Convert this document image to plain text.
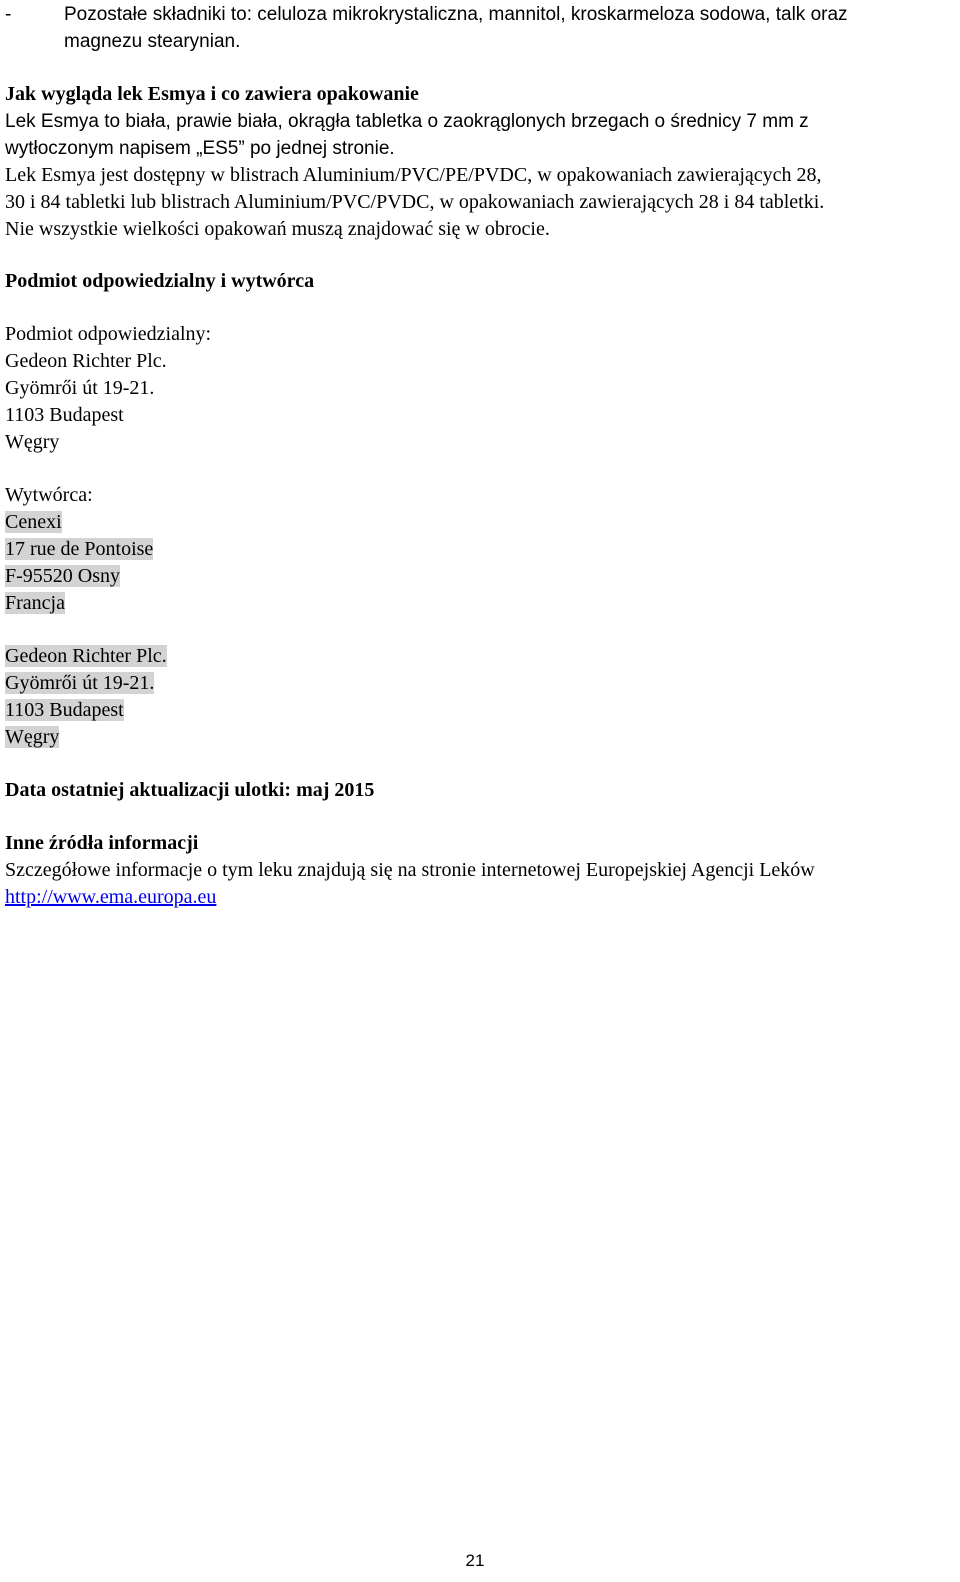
-	Pozostałe składniki to: celuloza mikrokrystaliczna, mannitol, kroskarmeloza sodowa, talk oraz

magnezu stearynian.

Jak wygląda lek Esmya i co zawiera opakowanie

Lek Esmya to biała, prawie biała, okrągła tabletka o zaokrąglonych brzegach o średnicy 7 mm z

wytłoczonym napisem „ES5” po jednej stronie.

Lek Esmya jest dostępny w blistrach Aluminium/PVC/PE/PVDC, w opakowaniach zawierających 28,

30 i 84 tabletki lub blistrach Aluminium/PVC/PVDC, w opakowaniach zawierających 28 i 84 tabletki.

Nie wszystkie wielkości opakowań muszą znajdować się w obrocie.

Podmiot odpowiedzialny i wytwórca

Podmiot odpowiedzialny:

Gedeon Richter Plc.

Gyömrői út 19-21.

1103 Budapest

Węgry

Wytwórca:

Cenexi

17 rue de Pontoise

F-95520 Osny

Francja

Gedeon Richter Plc.

Gyömrői út 19-21.

1103 Budapest

Węgry

Data ostatniej aktualizacji ulotki: maj 2015

Inne źródła informacji

Szczegółowe informacje o tym leku znajdują się na stronie internetowej Europejskiej Agencji Leków

http://www.ema.europa.eu

21
